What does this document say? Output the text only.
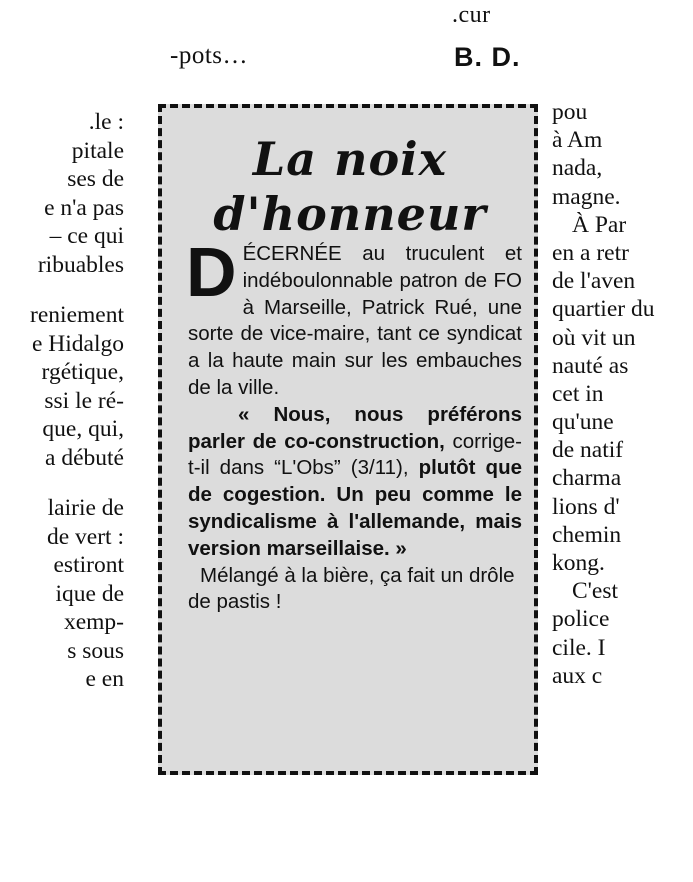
.cur
-pots…	B. D.
.le :
pitale
ses de
e n'a pas
– ce qui
ribuables
reniement
e Hidalgo
rgétique,
ssi le ré-
que, qui,
a débuté
lairie de
de vert :
estiront
ique de
xemp-
s sous
e en
pou
à Am
nada,
magne.
À Par
en a retr
de l'aven
quartier du
où vit un
nauté as
cet in
qu'une
de natif
charma
lions d'
chemin
kong.
C'est
police
cile. I
aux c
La noix
d'honneur

DÉCERNÉE au truculent et indéboulonnable patron de FO à Marseille, Patrick Rué, une sorte de vice-maire, tant ce syndicat a la haute main sur les embauches de la ville.

« Nous, nous préférons parler de co-construction, corrige-t-il dans “L'Obs” (3/11), plutôt que de cogestion. Un peu comme le syndicalisme à l'allemande, mais version marseillaise. »

Mélangé à la bière, ça fait un drôle de pastis !
